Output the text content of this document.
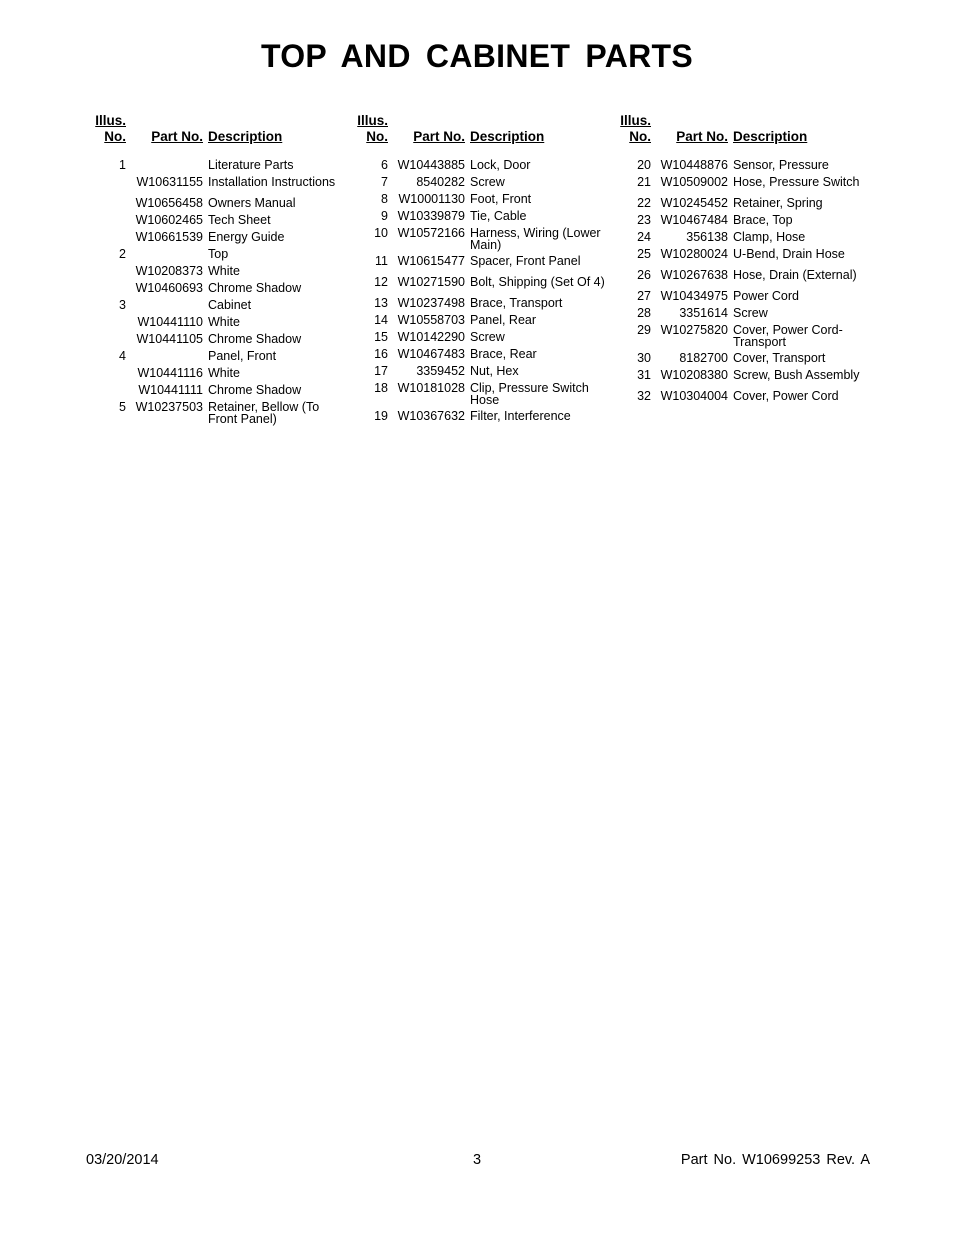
TOP AND CABINET PARTS
Illus.
No. Part No. Description
1	Literature Parts
W10631155 Installation Instructions
W10656458 Owners Manual
W10602465 Tech Sheet
W10661539 Energy Guide
2	Top
W10208373 White
W10460693 Chrome Shadow
3	Cabinet
W10441110 White
W10441105 Chrome Shadow
4	Panel, Front
W10441116 White
W10441111 Chrome Shadow
5 W10237503 Retainer, Bellow (To Front Panel)
Illus.
No. Part No. Description
6 W10443885 Lock, Door
7	8540282 Screw
8 W10001130 Foot, Front
9 W10339879 Tie, Cable
10 W10572166 Harness, Wiring (Lower Main)
11 W10615477 Spacer, Front Panel
12 W10271590 Bolt, Shipping (Set Of 4)
13 W10237498 Brace, Transport
14 W10558703 Panel, Rear
15 W10142290 Screw
16 W10467483 Brace, Rear
17	3359452 Nut, Hex
18 W10181028 Clip, Pressure Switch Hose
19 W10367632 Filter, Interference
Illus.
No. Part No. Description
20 W10448876 Sensor, Pressure
21 W10509002 Hose, Pressure Switch
22 W10245452 Retainer, Spring
23 W10467484 Brace, Top
24	356138 Clamp, Hose
25 W10280024 U-Bend, Drain Hose
26 W10267638 Hose, Drain (External)
27 W10434975 Power Cord
28	3351614 Screw
29 W10275820 Cover, Power Cord-Transport
30	8182700 Cover, Transport
31 W10208380 Screw, Bush Assembly
32 W10304004 Cover, Power Cord
03/20/2014	3	Part No. W10699253 Rev. A
